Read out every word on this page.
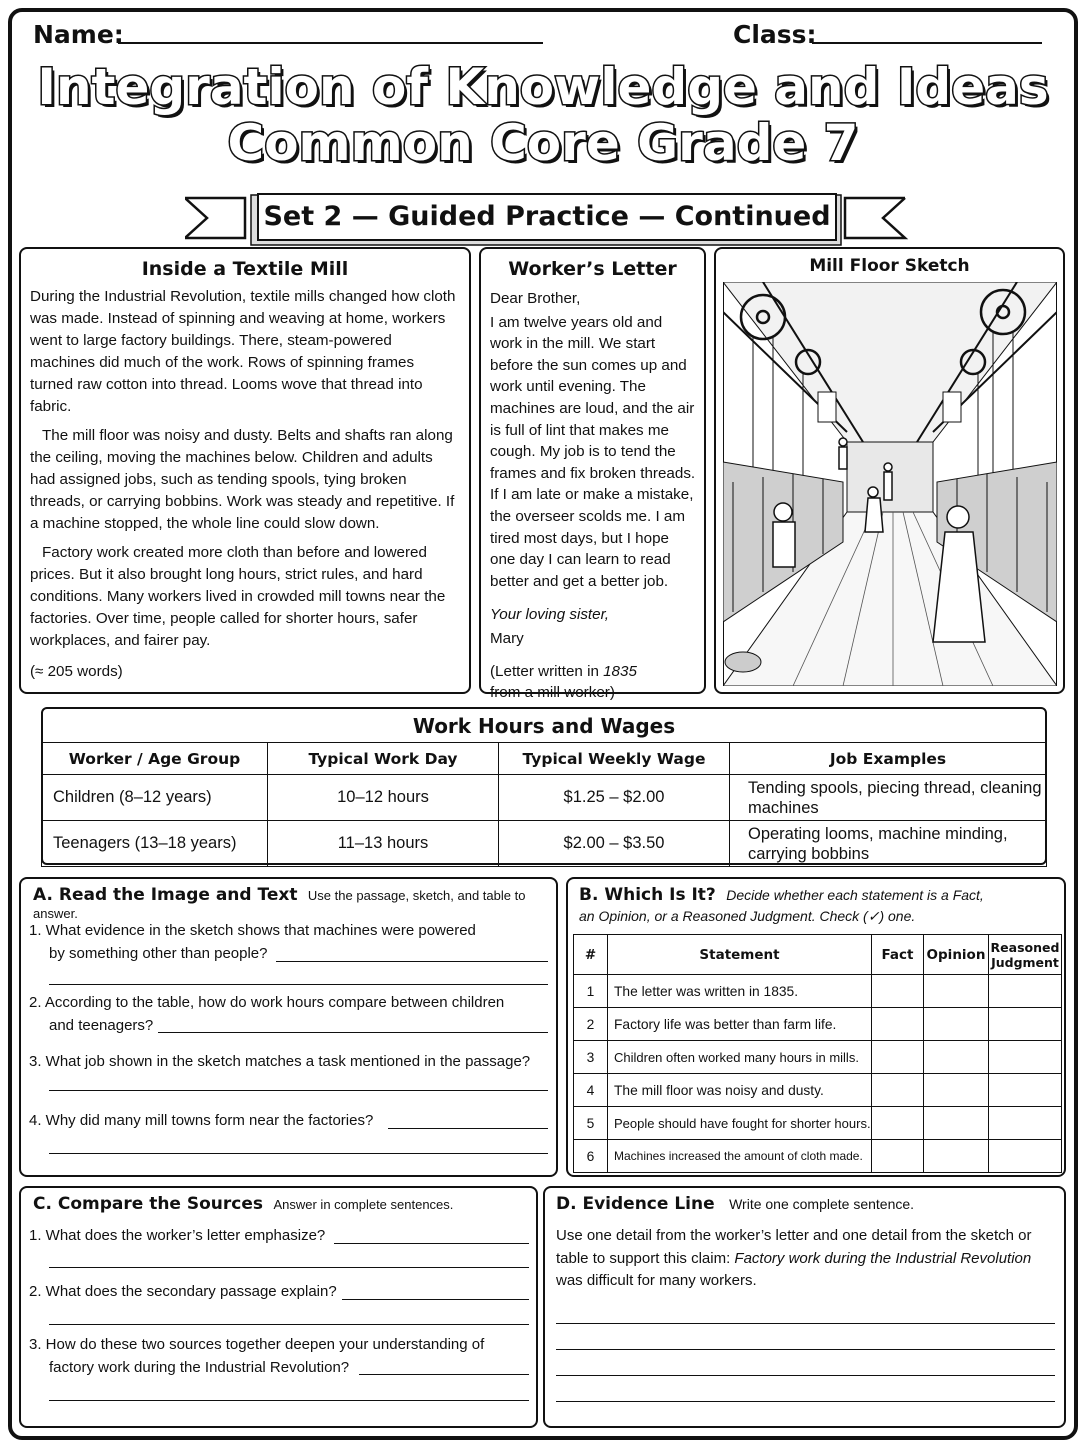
Name:	Class:
Integration of Knowledge and Ideas
Common Core Grade 7
Set 2 — Guided Practice — Continued
Inside a Textile Mill

During the Industrial Revolution, textile mills changed how cloth was made. Instead of spinning and weaving at home, workers went to large factory buildings. There, steam-powered machines did much of the work. Rows of spinning frames turned raw cotton into thread. Looms wove that thread into fabric.

The mill floor was noisy and dusty. Belts and shafts ran along the ceiling, moving the machines below. Children and adults had assigned jobs, such as tending spools, tying broken threads, or carrying bobbins. Work was steady and repetitive. If a machine stopped, the whole line could slow down.

Factory work created more cloth than before and lowered prices. But it also brought long hours, strict rules, and hard conditions. Many workers lived in crowded mill towns near the factories. Over time, people called for shorter hours, safer workplaces, and fairer pay.

(≈ 205 words)

Worker’s Letter

Dear Brother,

I am twelve years old and work in the mill. We start before the sun comes up and work until evening. The machines are loud, and the air is full of lint that makes me cough. My job is to tend the frames and fix broken threads. If I am late or make a mistake, the overseer scolds me. I am tired most days, but I hope one day I can learn to read better and get a better job.

Your loving sister,

Mary

(Letter written in 1835
from a mill worker)

Mill Floor Sketch
Work Hours and Wages
Worker / Age Group	Typical Work Day	Typical Weekly Wage	Job Examples
Children (8–12 years)	10–12 hours	$1.25 – $2.00	Tending spools, piecing thread, cleaning machines
Teenagers (13–18 years)	11–13 hours	$2.00 – $3.50	Operating looms, machine minding, carrying bobbins
A. Read the Image and Text Use the passage, sketch, and table to answer.
1. What evidence in the sketch shows that machines were powered
by something other than people?
2. According to the table, how do work hours compare between children
and teenagers?
3. What job shown in the sketch matches a task mentioned in the passage?
4. Why did many mill towns form near the factories?
B. Which Is It? Decide whether each statement is a Fact,
an Opinion, or a Reasoned Judgment. Check (✓) one.
#	Statement	Fact	Opinion	Reasoned Judgment
1	The letter was written in 1835.			
2	Factory life was better than farm life.			
3	Children often worked many hours in mills.			
4	The mill floor was noisy and dusty.			
5	People should have fought for shorter hours.			
6	Machines increased the amount of cloth made.			
C. Compare the Sources Answer in complete sentences.
1. What does the worker’s letter emphasize?
2. What does the secondary passage explain?
3. How do these two sources together deepen your understanding of
factory work during the Industrial Revolution?
D. Evidence Line Write one complete sentence.
Use one detail from the worker’s letter and one detail from the sketch or
table to support this claim: Factory work during the Industrial Revolution
was difficult for many workers.
